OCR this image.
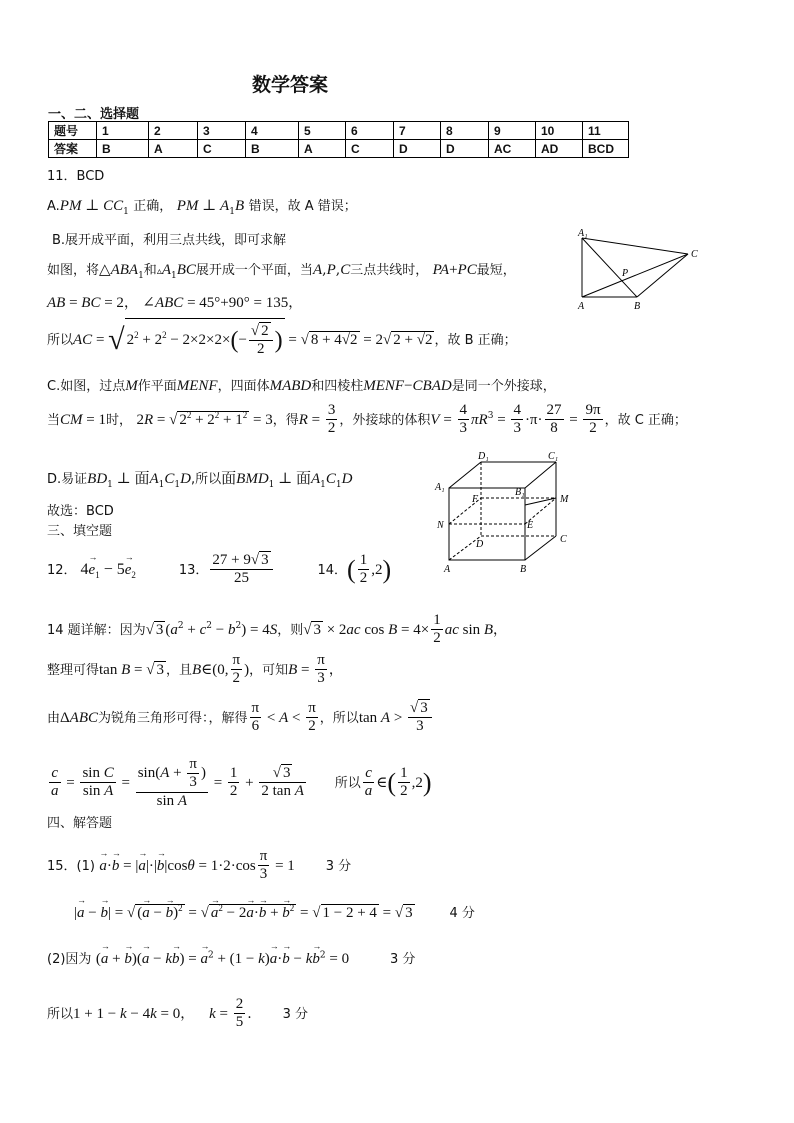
数学答案
一、二、选择题
题号	1	2	3	4	5	6	7	8	9	10	11
答案	B	A	C	B	A	C	D	D	AC	AD	BCD
11．BCD
A.PM ⊥ $CC_1$ 正确， PM ⊥ $A_1B$ 错误，故 A 错误；
B.展开成平面，利用三点共线，即可求解
如图，将$\triangle ABA_1$和$▵A_1BC$展开成一个平面，当A,P,C三点共线时， PA+PC最短，
AB = BC = 2， ∠ABC = 45°+90° = 135，
所以AC = √ $2^2 + 2^2 - 2\times 2\times 2\times(- \frac{√ 2}{2}$ ) = √ 8 + 4√2 = 2√ 2 + √2 ，故 B 正确；
C.如图，过点M作平面MENF，四面体MABD和四棱柱MENF−CBAD是同一个外接球，
当CM = 1时， 2R = √ $2^2 + 2^2 + 1^2 = 3$，得$R = \frac{3}{2}$ ，外接球的体积$V = \frac{4}{3} \pi R^3 = \frac{4}{3} \cdot\pi\cdot \frac{27}{8} = \frac{9\pi}{2}$ ，故 C 正确；
D.易证$BD_1$ ⊥ 面$A_1C_1D$,所以面$BMD_1$ ⊥ 面$A_1C_1D$
故选：BCD
三、填空题
12． $4\to e_1 - 5\to e_2$	13． $\frac{27 + 9√ 3}{25}$	14．( $\frac{1}{2} ,2$)
14 题详解：因为√ 3 $(a^2 + c^2 - b^2) = 4S$，则√ 3 × 2ac $\cos B = 4\times \frac{1}{2}$ ac sin B，
整理可得tan B = √ 3 ，且B∈(0, $\frac{\pi}{2}$ )，可知$B = \frac{\pi}{3}$ ，
由ΔABC为锐角三角形可得：，解得 $\frac{\pi}{6} < A < \frac{\pi}{2}$ ，所以$\tan A > \frac{√ 3}{3}$
$\frac{c}{a} = \frac{\text{sin C}}{\text{sin A}} = \frac{\sin(A + \frac{\pi}{3} )}{\text{sin A}} = \frac{1}{2} + \frac{√ 3}{\text{2 tan A}}$ 所以 $\frac{c}{a}$ ∈( $\frac{1}{2} ,2$)
四、解答题
15．(1) → a·→ b = |→ $a|\cdot|\to b|\cos\theta = 1\cdot 2\cdot\cos \frac{\pi}{3} = 1$ 3 分
|→ a − → b| = √ (→ a − → b)$^2$ = √ → $a^2 - 2\to a\cdot\to b$ + → $b^2$ = √ 1 − 2 + 4 = √ 3	4 分
(2)因为 (→ a + → b)(→ a − k→ b) = → $a^2 + (1 - k)\to a\cdot\to b - k\to b^2 = 0$	3 分
所以1 + 1 − k − 4k = 0，  $k = \frac{2}{5}$ .  3 分
A₁
C
P
A	B
D₁	C₁
A₁	B₁
F	M
N	E
D	C
A	B
